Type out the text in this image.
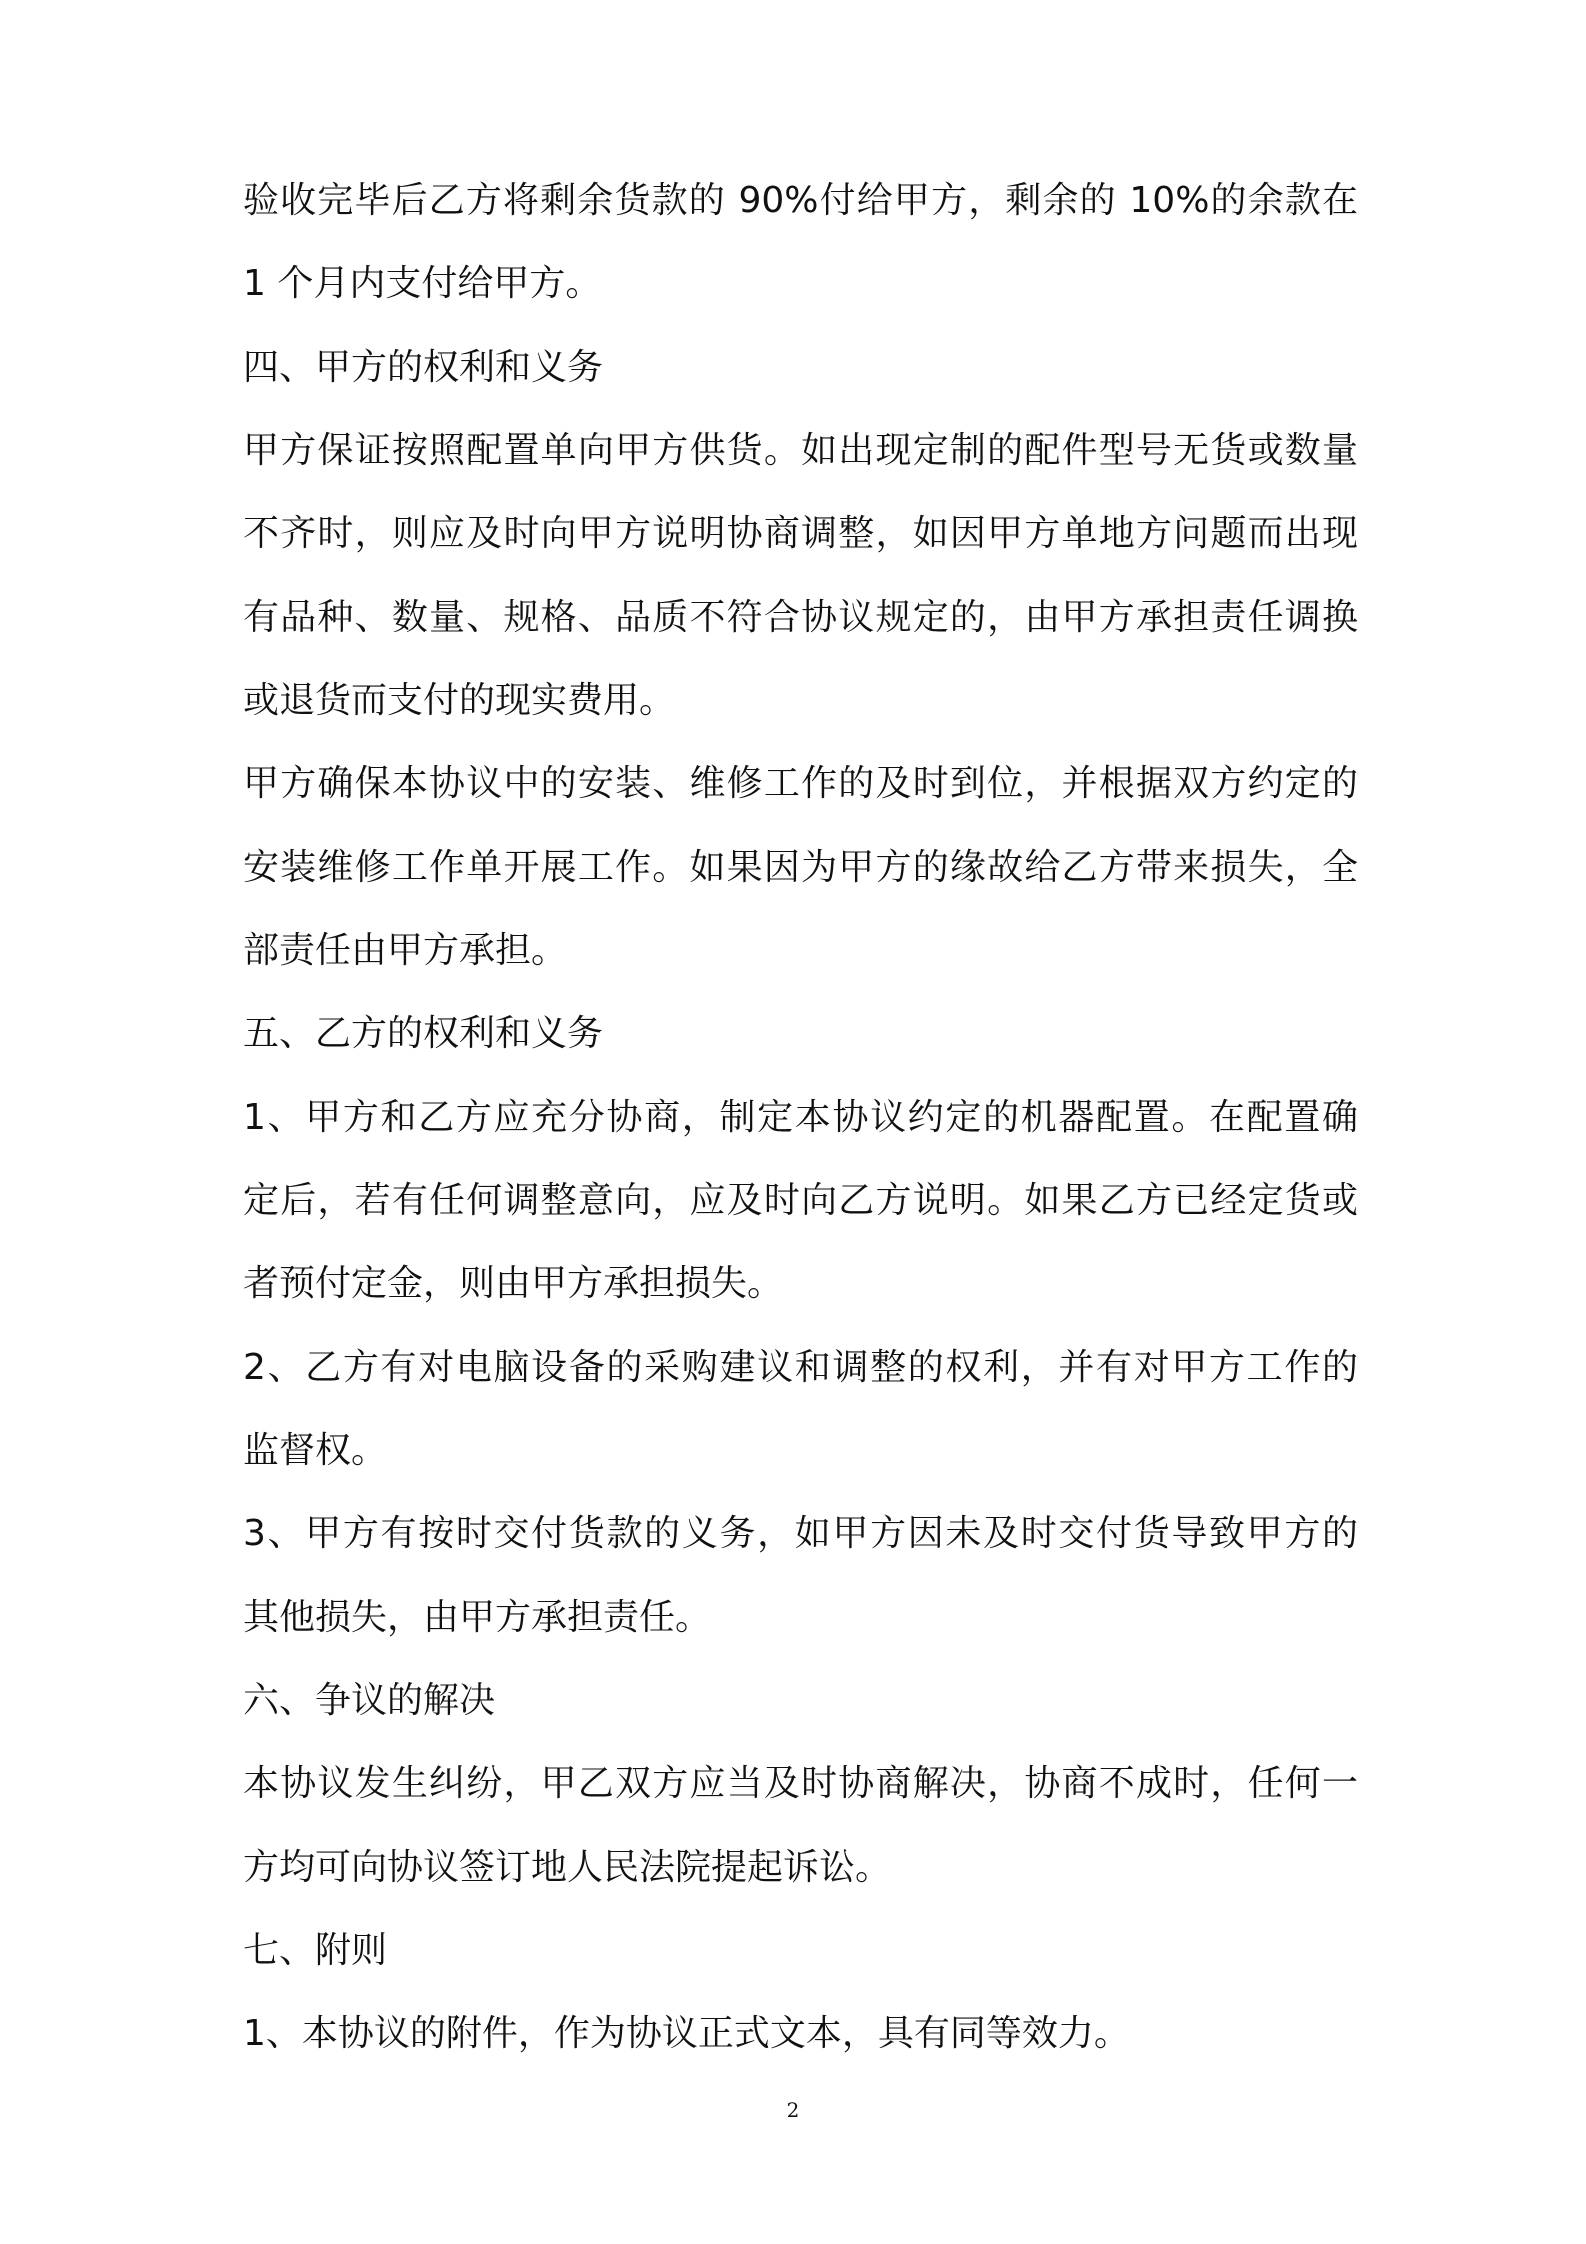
验收完毕后乙方将剩余货款的 90%付给甲方，剩余的 10%的余款在
1 个月内支付给甲方。
四、甲方的权利和义务
甲方保证按照配置单向甲方供货。如出现定制的配件型号无货或数量
不齐时，则应及时向甲方说明协商调整，如因甲方单地方问题而出现
有品种、数量、规格、品质不符合协议规定的，由甲方承担责任调换
或退货而支付的现实费用。
甲方确保本协议中的安装、维修工作的及时到位，并根据双方约定的
安装维修工作单开展工作。如果因为甲方的缘故给乙方带来损失，全
部责任由甲方承担。
五、乙方的权利和义务
1、甲方和乙方应充分协商，制定本协议约定的机器配置。在配置确
定后，若有任何调整意向，应及时向乙方说明。如果乙方已经定货或
者预付定金，则由甲方承担损失。
2、乙方有对电脑设备的采购建议和调整的权利，并有对甲方工作的
监督权。
3、甲方有按时交付货款的义务，如甲方因未及时交付货导致甲方的
其他损失，由甲方承担责任。
六、争议的解决
本协议发生纠纷，甲乙双方应当及时协商解决，协商不成时，任何一
方均可向协议签订地人民法院提起诉讼。
七、附则
1、本协议的附件，作为协议正式文本，具有同等效力。
2
